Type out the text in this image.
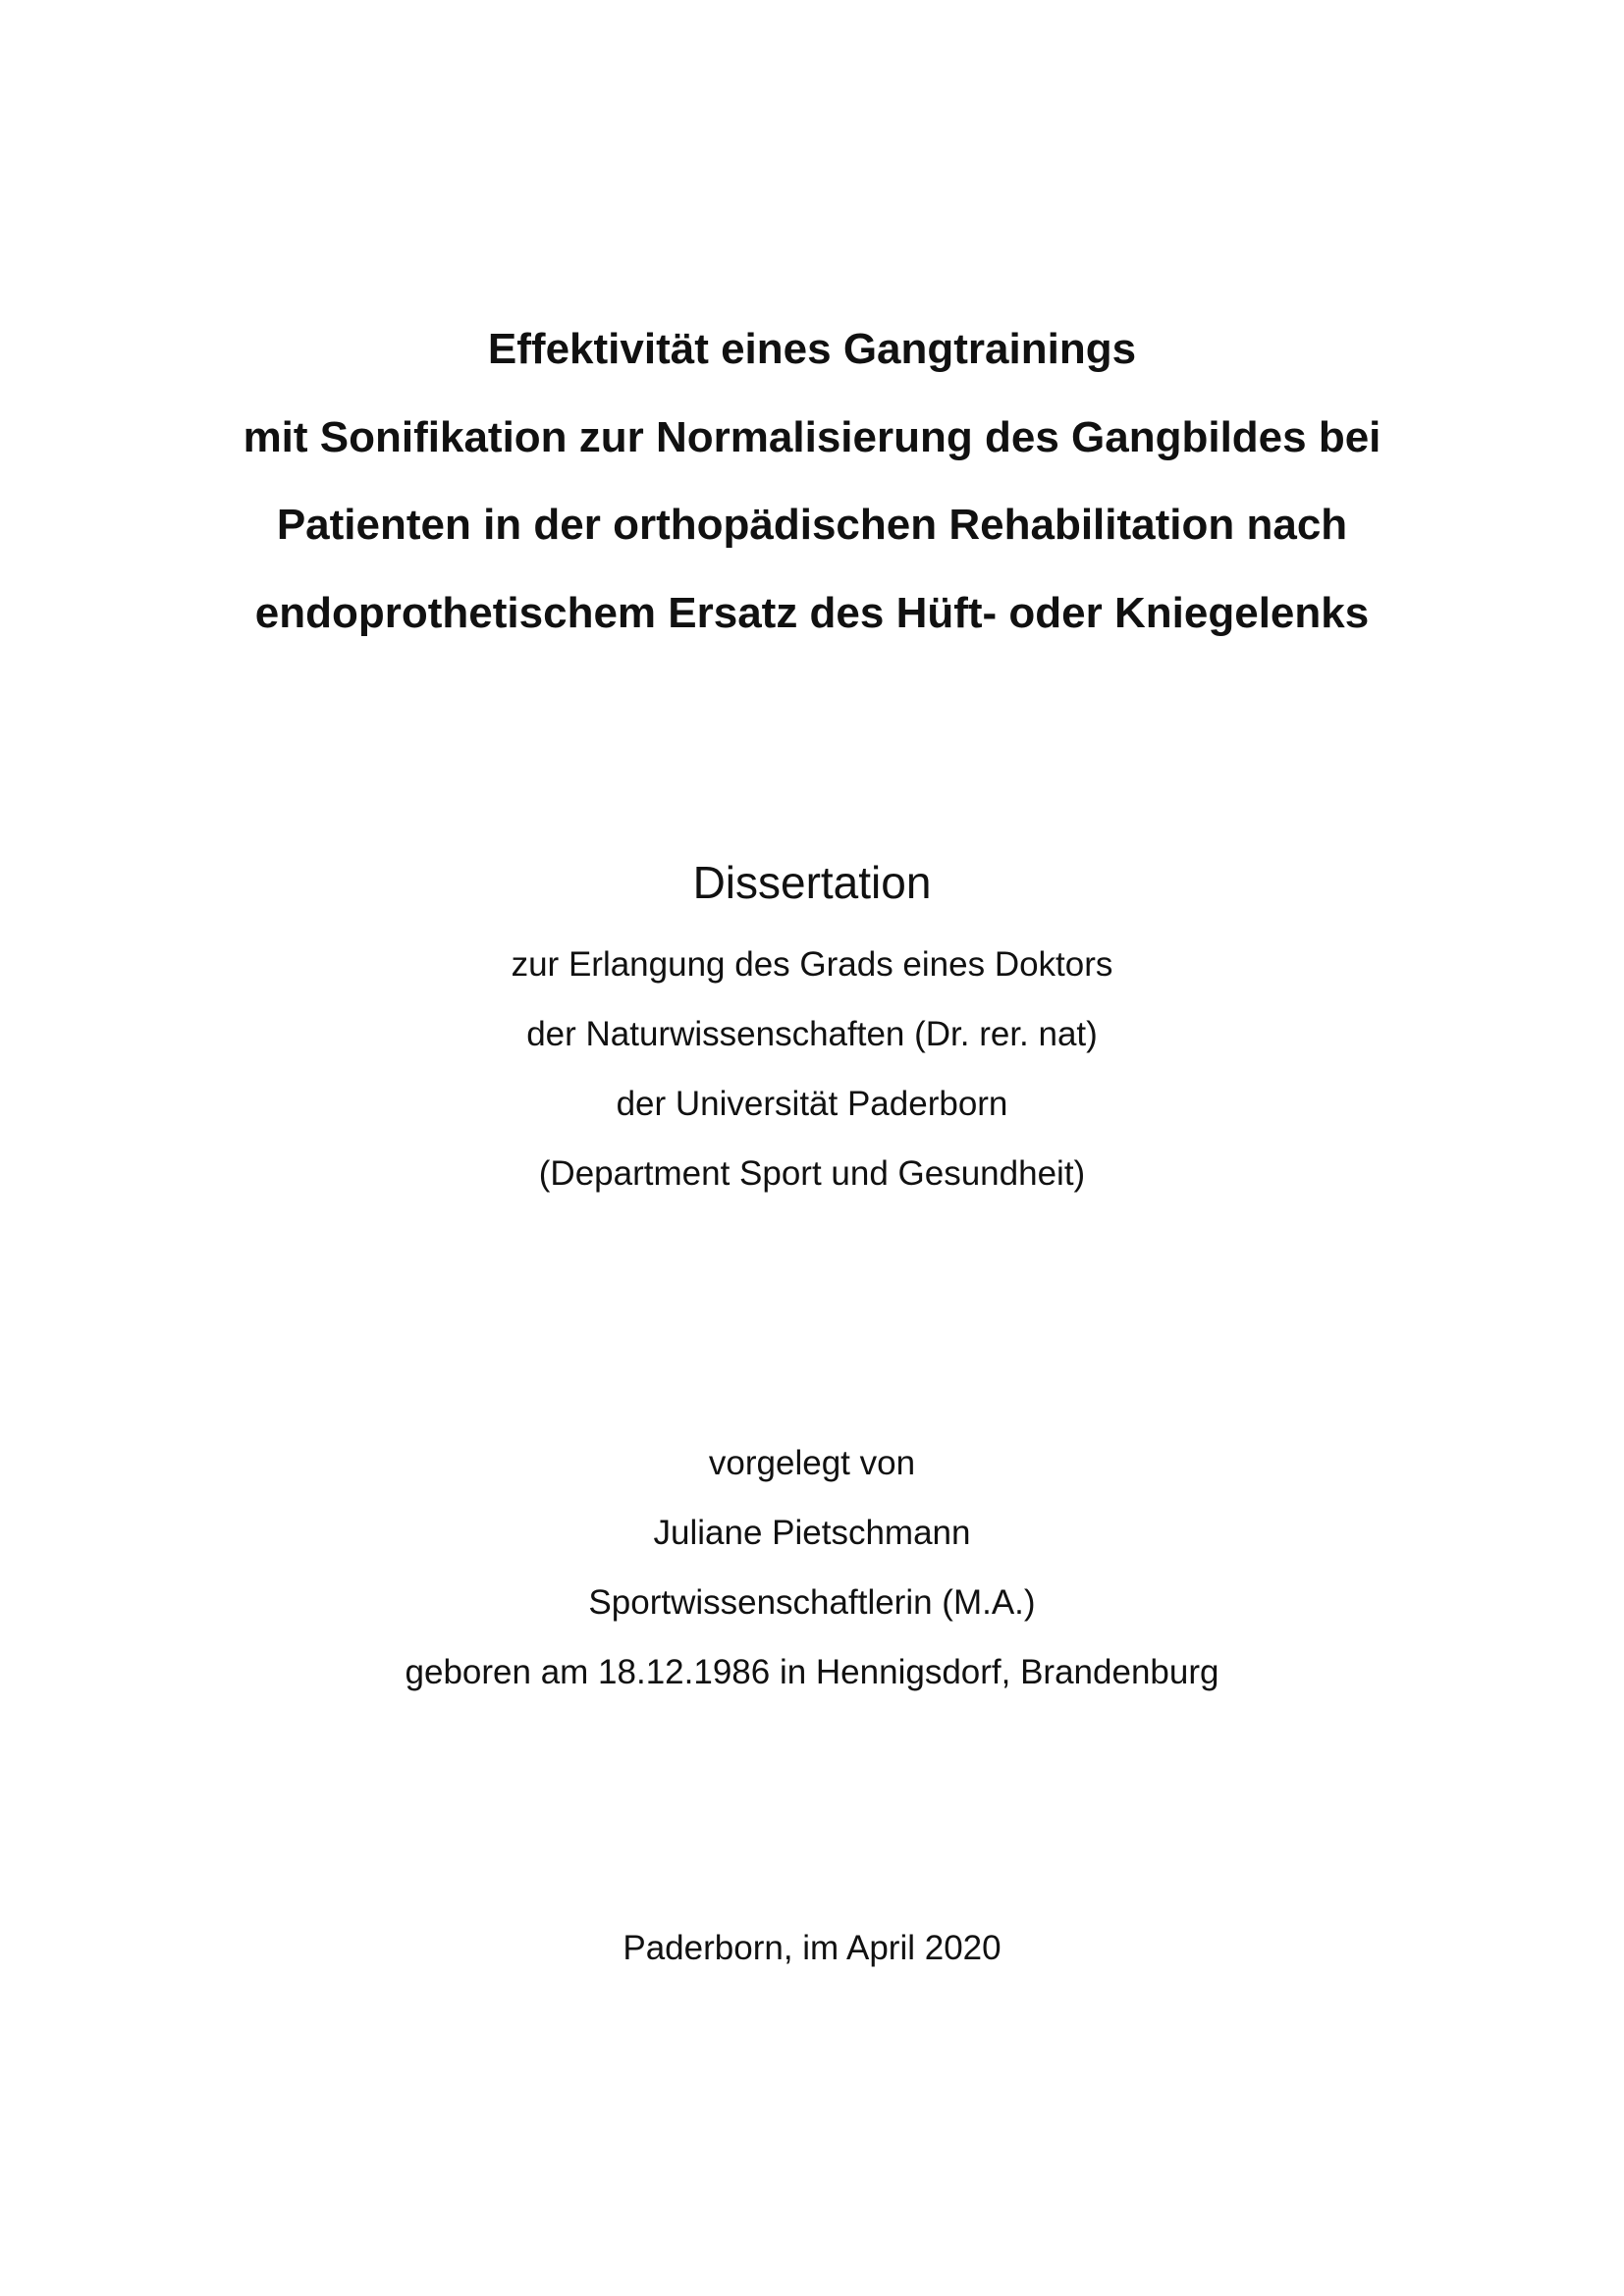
Effektivität eines Gangtrainings
mit Sonifikation zur Normalisierung des Gangbildes bei
Patienten in der orthopädischen Rehabilitation nach
endoprothetischem Ersatz des Hüft- oder Kniegelenks
Dissertation
zur Erlangung des Grads eines Doktors
der Naturwissenschaften (Dr. rer. nat)
der Universität Paderborn
(Department Sport und Gesundheit)
vorgelegt von
Juliane Pietschmann
Sportwissenschaftlerin (M.A.)
geboren am 18.12.1986 in Hennigsdorf, Brandenburg
Paderborn, im April 2020
